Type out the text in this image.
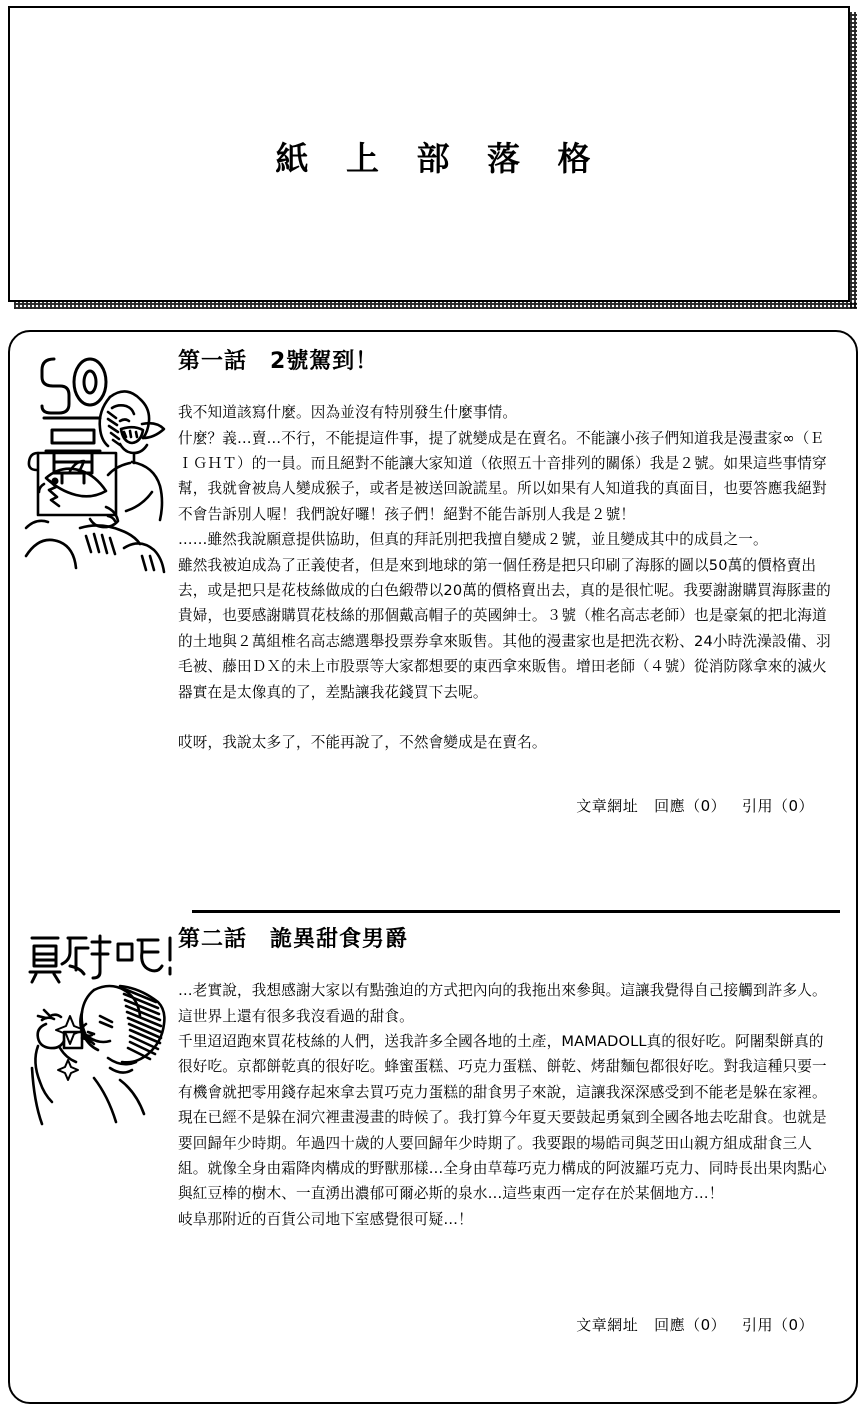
紙 上 部 落 格
第一話　2號駕到！

我不知道該寫什麼。因為並沒有特別發生什麼事情。

什麼？義…賣…不行，不能提這件事，提了就變成是在賣名。不能讓小孩子們知道我是漫畫家∞（ＥＩＧＨＴ）的一員。而且絕對不能讓大家知道（依照五十音排列的關係）我是２號。如果這些事情穿幫，我就會被鳥人變成猴子，或者是被送回說謊星。所以如果有人知道我的真面目，也要答應我絕對不會告訴別人喔！我們說好囉！孩子們！絕對不能告訴別人我是２號！

……雖然我說願意提供協助，但真的拜託別把我擅自變成２號，並且變成其中的成員之一。

雖然我被迫成為了正義使者，但是來到地球的第一個任務是把只印刷了海豚的圖以50萬的價格賣出去，或是把只是花枝絲做成的白色緞帶以20萬的價格賣出去，真的是很忙呢。我要謝謝購買海豚畫的貴婦，也要感謝購買花枝絲的那個戴高帽子的英國紳士。３號（椎名高志老師）也是豪氣的把北海道的土地與２萬組椎名高志總選舉投票券拿來販售。其他的漫畫家也是把洗衣粉、24小時洗澡設備、羽毛被、藤田ＤＸ的未上市股票等大家都想要的東西拿來販售。增田老師（４號）從消防隊拿來的滅火器實在是太像真的了，差點讓我花錢買下去呢。

哎呀，我說太多了，不能再說了，不然會變成是在賣名。

文章網址 回應（0） 引用（0）

第二話　詭異甜食男爵

…老實說，我想感謝大家以有點強迫的方式把內向的我拖出來參與。這讓我覺得自己接觸到許多人。

這世界上還有很多我沒看過的甜食。

千里迢迢跑來買花枝絲的人們，送我許多全國各地的土產，MAMADOLL真的很好吃。阿闍梨餅真的很好吃。京都餅乾真的很好吃。蜂蜜蛋糕、巧克力蛋糕、餅乾、烤甜麵包都很好吃。對我這種只要一有機會就把零用錢存起來拿去買巧克力蛋糕的甜食男子來說，這讓我深深感受到不能老是躲在家裡。

現在已經不是躲在洞穴裡畫漫畫的時候了。我打算今年夏天要鼓起勇氣到全國各地去吃甜食。也就是要回歸年少時期。年過四十歲的人要回歸年少時期了。我要跟的場皓司與芝田山親方組成甜食三人組。就像全身由霜降肉構成的野獸那樣…全身由草莓巧克力構成的阿波羅巧克力、同時長出果肉點心與紅豆棒的樹木、一直湧出濃郁可爾必斯的泉水…這些東西一定存在於某個地方…！

岐阜那附近的百貨公司地下室感覺很可疑…！

文章網址 回應（0） 引用（0）
